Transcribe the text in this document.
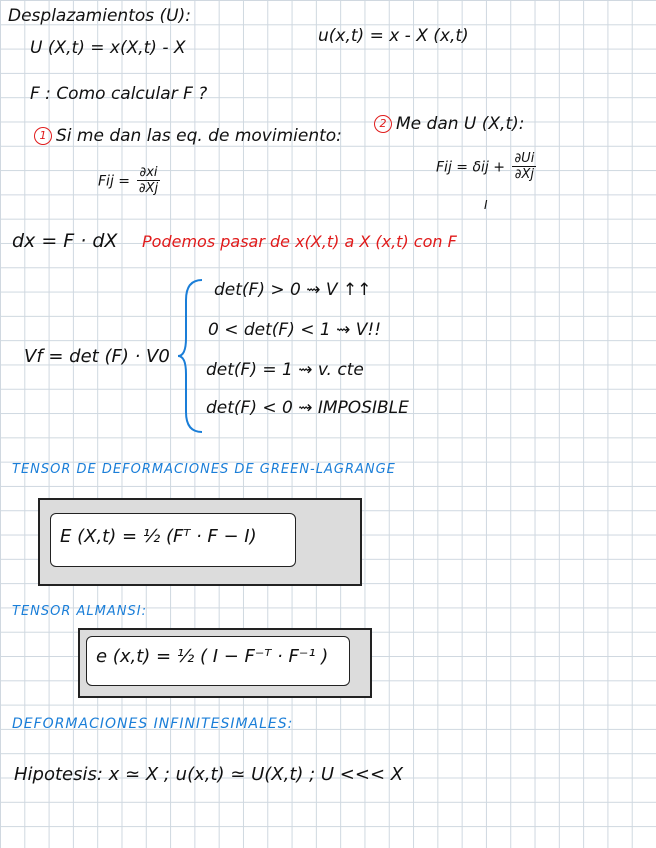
Desplazamientos (U):
U (X,t) = x(X,t) - X
u(x,t) = x - X (x,t)
F : Como calcular F ?
1 Si me dan las eq. de movimiento:
2 Me dan U (X,t):
Fij = $\frac{\partial xi}{\partial Xj}$	Fij = $\delta ij + \frac{\partial Ui}{\partial Xj}$
I
dx = F · dX Podemos pasar de x(X,t) a X (x,t) con F
Vf = det (F) · V0
det(F) > 0 ⇝ V ↑↑
0 < det(F) < 1 ⇝ V!!
det(F) = 1 ⇝ v. cte
det(F) < 0 ⇝ IMPOSIBLE
TENSOR DE DEFORMACIONES DE GREEN-LAGRANGE
E (X,t) = ½ (Fᵀ · F − I)
TENSOR ALMANSI:
e (x,t) = ½ ( I − F⁻ᵀ · F⁻¹ )
DEFORMACIONES INFINITESIMALES:
Hipotesis: x ≃ X ; u(x,t) ≃ U(X,t) ; U <<< X
